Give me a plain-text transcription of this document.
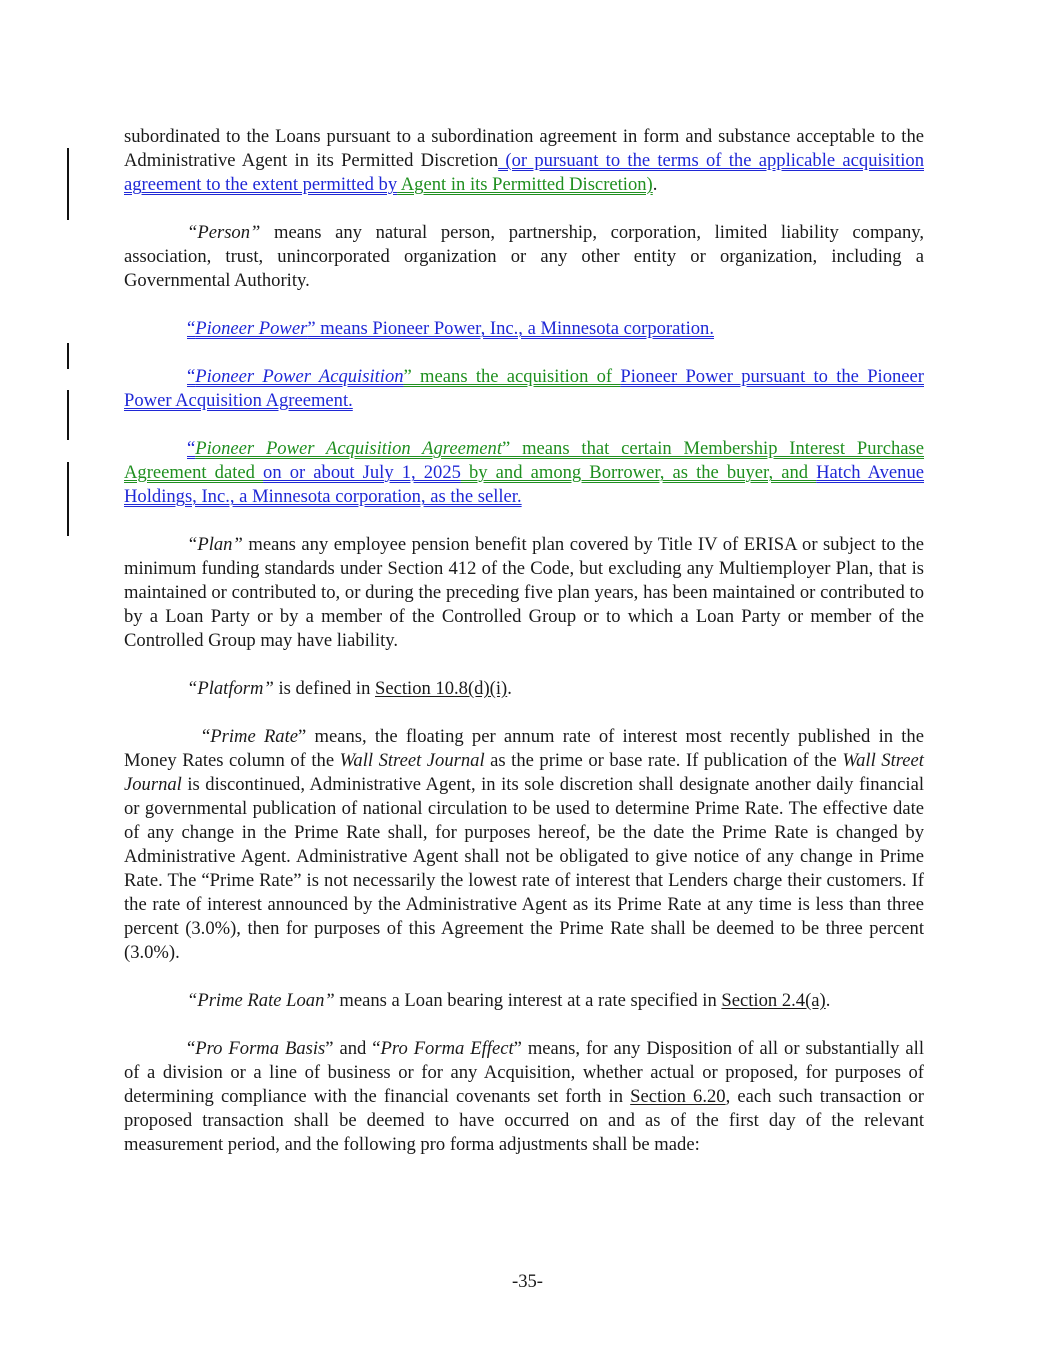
subordinated to the Loans pursuant to a subordination agreement in form and substance acceptable to the Administrative Agent in its Permitted Discretion (or pursuant to the terms of the applicable acquisition agreement to the extent permitted by Agent in its Permitted Discretion).

“Person” means any natural person, partnership, corporation, limited liability company, association, trust, unincorporated organization or any other entity or organization, including a Governmental Authority.

“Pioneer Power” means Pioneer Power, Inc., a Minnesota corporation.

“Pioneer Power Acquisition” means the acquisition of Pioneer Power pursuant to the Pioneer Power Acquisition Agreement.

“Pioneer Power Acquisition Agreement” means that certain Membership Interest Purchase Agreement dated on or about July 1, 2025 by and among Borrower, as the buyer, and Hatch Avenue Holdings, Inc., a Minnesota corporation, as the seller.

“Plan” means any employee pension benefit plan covered by Title IV of ERISA or subject to the minimum funding standards under Section 412 of the Code, but excluding any Multiemployer Plan, that is maintained or contributed to, or during the preceding five plan years, has been maintained or contributed to by a Loan Party or by a member of the Controlled Group or to which a Loan Party or member of the Controlled Group may have liability.

“Platform” is defined in Section 10.8(d)(i).

“Prime Rate” means, the floating per annum rate of interest most recently published in the Money Rates column of the Wall Street Journal as the prime or base rate. If publication of the Wall Street Journal is discontinued, Administrative Agent, in its sole discretion shall designate another daily financial or governmental publication of national circulation to be used to determine Prime Rate. The effective date of any change in the Prime Rate shall, for purposes hereof, be the date the Prime Rate is changed by Administrative Agent. Administrative Agent shall not be obligated to give notice of any change in Prime Rate. The “Prime Rate” is not necessarily the lowest rate of interest that Lenders charge their customers. If the rate of interest announced by the Administrative Agent as its Prime Rate at any time is less than three percent (3.0%), then for purposes of this Agreement the Prime Rate shall be deemed to be three percent (3.0%).

“Prime Rate Loan” means a Loan bearing interest at a rate specified in Section 2.4(a).

“Pro Forma Basis” and “Pro Forma Effect” means, for any Disposition of all or substantially all of a division or a line of business or for any Acquisition, whether actual or proposed, for purposes of determining compliance with the financial covenants set forth in Section 6.20, each such transaction or proposed transaction shall be deemed to have occurred on and as of the first day of the relevant measurement period, and the following pro forma adjustments shall be made:

-35-
